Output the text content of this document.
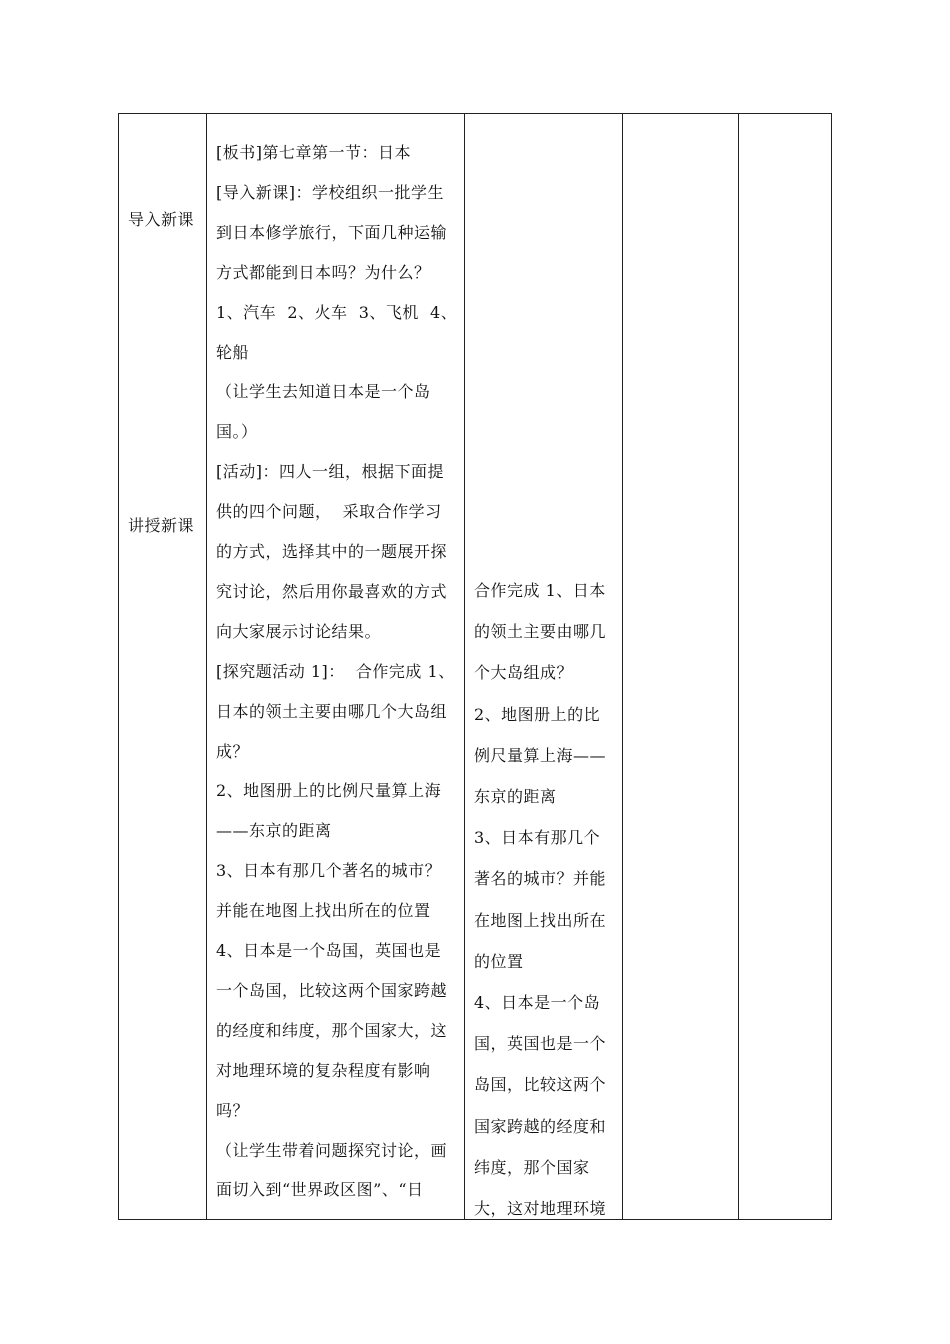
导入新课
讲授新课
[板书]第七章第一节：日本
[导入新课]：学校组织一批学生
到日本修学旅行，下面几种运输
方式都能到日本吗？为什么？
1、汽车  2、火车  3、飞机  4、
轮船
（让学生去知道日本是一个岛
国。）
[活动]：四人一组，根据下面提
供的四个问题，  采取合作学习
的方式，选择其中的一题展开探
究讨论，然后用你最喜欢的方式
向大家展示讨论结果。
[探究题活动 1]：  合作完成 1、
日本的领土主要由哪几个大岛组
成？
2、地图册上的比例尺量算上海
——东京的距离
3、日本有那几个著名的城市？
并能在地图上找出所在的位置
4、日本是一个岛国，英国也是
一个岛国，比较这两个国家跨越
的经度和纬度，那个国家大，这
对地理环境的复杂程度有影响
吗？
（让学生带着问题探究讨论，画
面切入到“世界政区图”、“日
合作完成 1、日本
的领土主要由哪几
个大岛组成？
2、地图册上的比
例尺量算上海——
东京的距离
3、日本有那几个
著名的城市？并能
在地图上找出所在
的位置
4、日本是一个岛
国，英国也是一个
岛国，比较这两个
国家跨越的经度和
纬度，那个国家
大，这对地理环境
